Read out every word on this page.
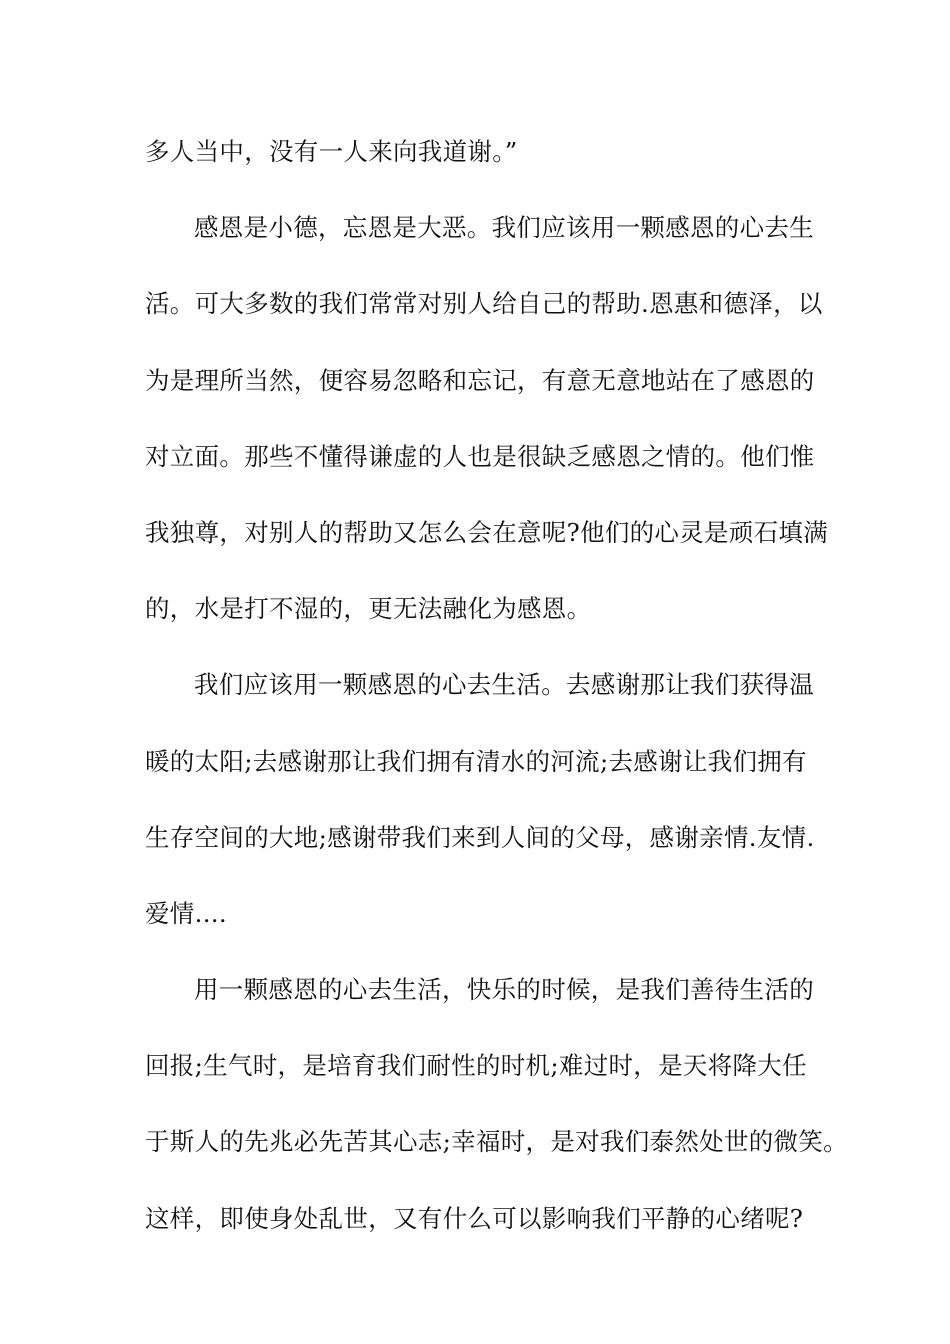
多人当中，没有一人来向我道谢。”
感恩是小德，忘恩是大恶。我们应该用一颗感恩的心去生
活。可大多数的我们常常对别人给自己的帮助.恩惠和德泽，以
为是理所当然，便容易忽略和忘记，有意无意地站在了感恩的
对立面。那些不懂得谦虚的人也是很缺乏感恩之情的。他们惟
我独尊，对别人的帮助又怎么会在意呢?他们的心灵是顽石填满
的，水是打不湿的，更无法融化为感恩。
我们应该用一颗感恩的心去生活。去感谢那让我们获得温
暖的太阳;去感谢那让我们拥有清水的河流;去感谢让我们拥有
生存空间的大地;感谢带我们来到人间的父母，感谢亲情.友情.
爱情....
用一颗感恩的心去生活，快乐的时候，是我们善待生活的
回报;生气时，是培育我们耐性的时机;难过时，是天将降大任
于斯人的先兆必先苦其心志;幸福时，是对我们泰然处世的微笑。
这样，即使身处乱世，又有什么可以影响我们平静的心绪呢?
